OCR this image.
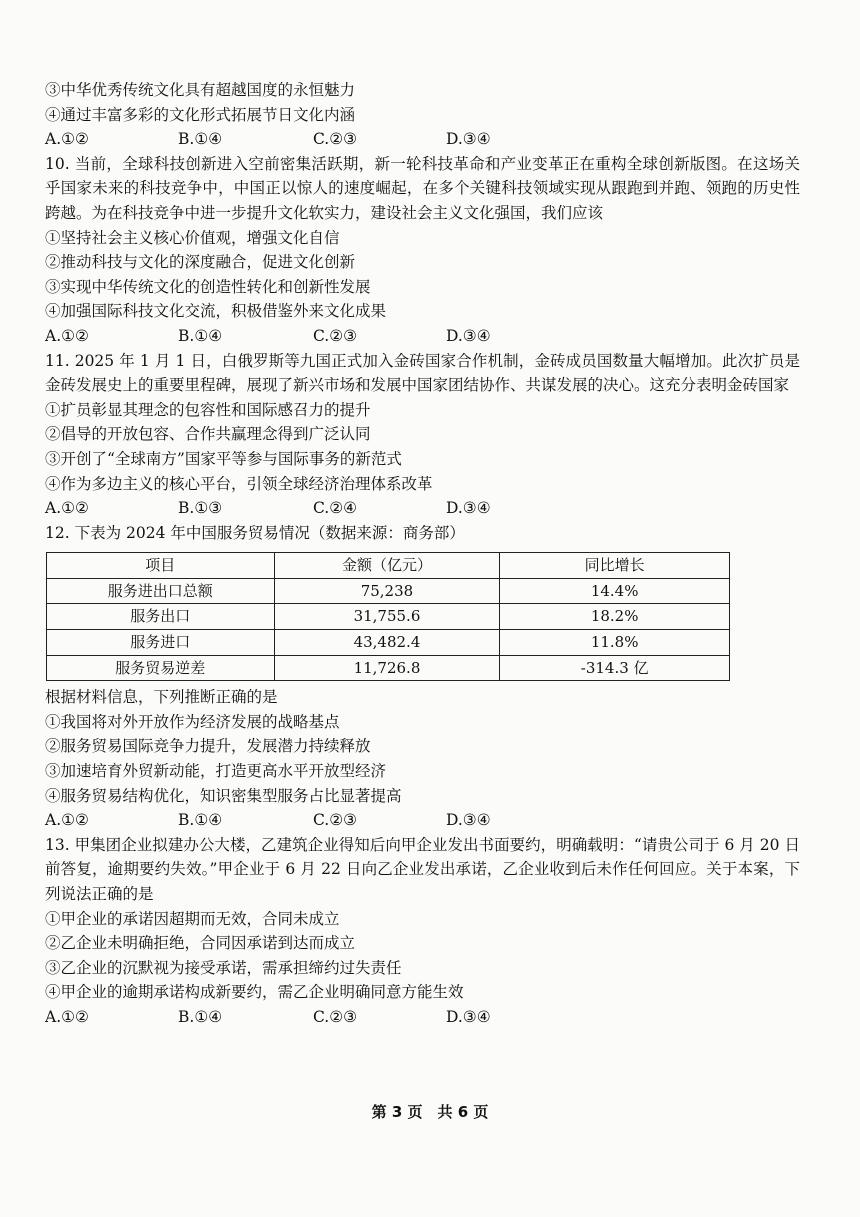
③中华优秀传统文化具有超越国度的永恒魅力
④通过丰富多彩的文化形式拓展节日文化内涵
A.①②	B.①④	C.②③	D.③④
10. 当前，全球科技创新进入空前密集活跃期，新一轮科技革命和产业变革正在重构全球创新版图。在这场关乎国家未来的科技竞争中，中国正以惊人的速度崛起，在多个关键科技领域实现从跟跑到并跑、领跑的历史性跨越。为在科技竞争中进一步提升文化软实力，建设社会主义文化强国，我们应该
①坚持社会主义核心价值观，增强文化自信
②推动科技与文化的深度融合，促进文化创新
③实现中华传统文化的创造性转化和创新性发展
④加强国际科技文化交流，积极借鉴外来文化成果
A.①②	B.①④	C.②③	D.③④
11. 2025 年 1 月 1 日，白俄罗斯等九国正式加入金砖国家合作机制，金砖成员国数量大幅增加。此次扩员是金砖发展史上的重要里程碑，展现了新兴市场和发展中国家团结协作、共谋发展的决心。这充分表明金砖国家
①扩员彰显其理念的包容性和国际感召力的提升
②倡导的开放包容、合作共赢理念得到广泛认同
③开创了“全球南方”国家平等参与国际事务的新范式
④作为多边主义的核心平台，引领全球经济治理体系改革
A.①②	B.①③	C.②④	D.③④
12. 下表为 2024 年中国服务贸易情况（数据来源：商务部）
项目	金额（亿元）	同比增长
服务进出口总额	75,238	14.4%
服务出口	31,755.6	18.2%
服务进口	43,482.4	11.8%
服务贸易逆差	11,726.8	-314.3 亿
根据材料信息，下列推断正确的是
①我国将对外开放作为经济发展的战略基点
②服务贸易国际竞争力提升，发展潜力持续释放
③加速培育外贸新动能，打造更高水平开放型经济
④服务贸易结构优化，知识密集型服务占比显著提高
A.①②	B.①④	C.②③	D.③④
13. 甲集团企业拟建办公大楼，乙建筑企业得知后向甲企业发出书面要约，明确载明：“请贵公司于 6 月 20 日前答复，逾期要约失效。”甲企业于 6 月 22 日向乙企业发出承诺，乙企业收到后未作任何回应。关于本案，下列说法正确的是
①甲企业的承诺因超期而无效，合同未成立
②乙企业未明确拒绝，合同因承诺到达而成立
③乙企业的沉默视为接受承诺，需承担缔约过失责任
④甲企业的逾期承诺构成新要约，需乙企业明确同意方能生效
A.①②	B.①④	C.②③	D.③④
第 3 页　共 6 页
